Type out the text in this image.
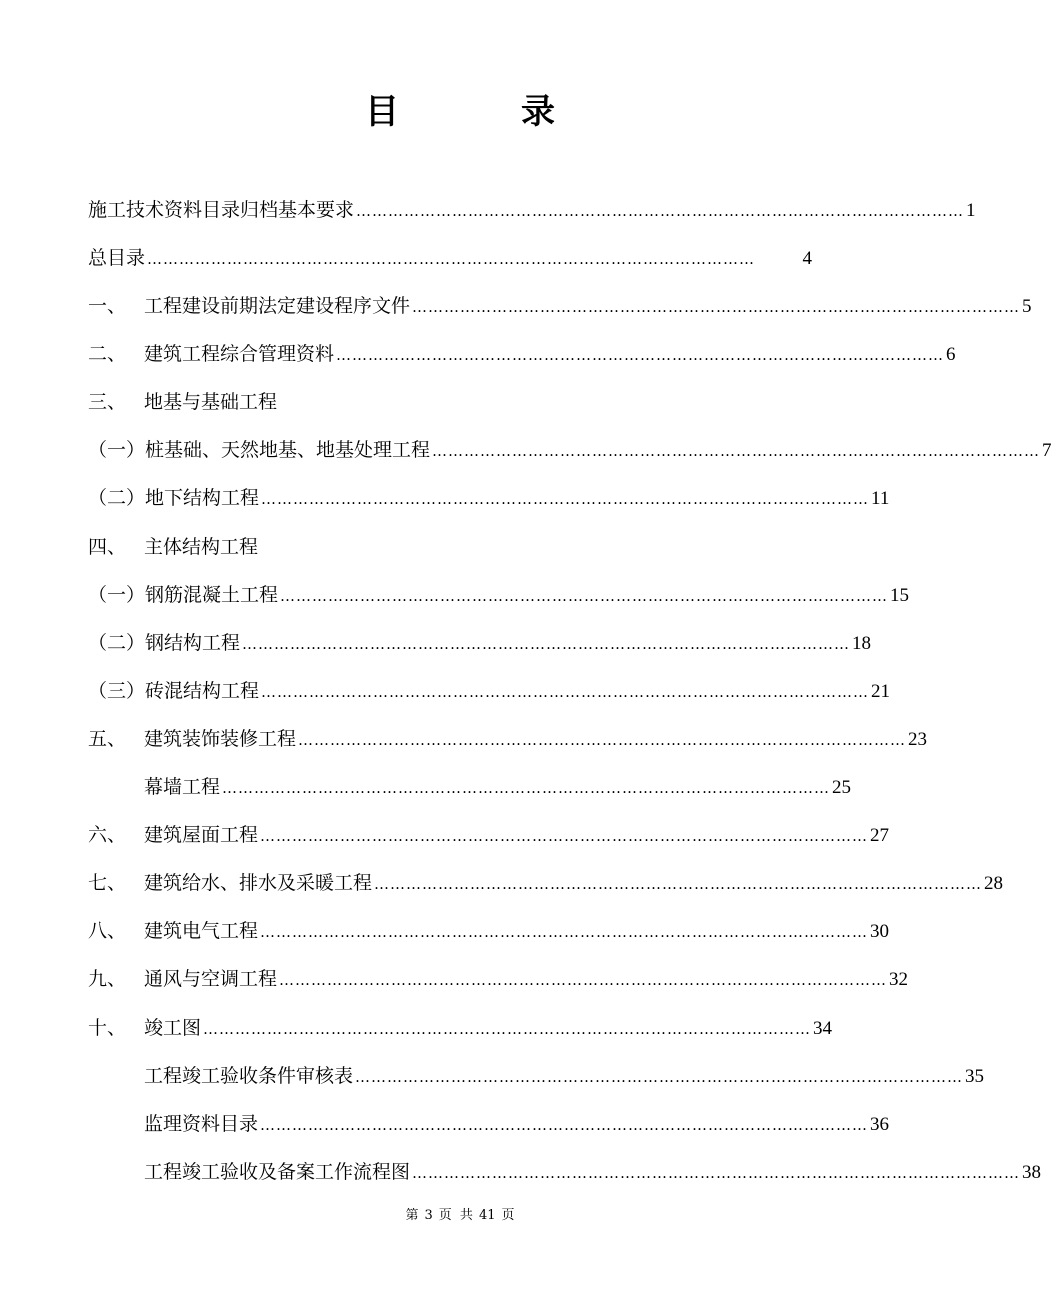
目　录
施工技术资料目录归档基本要求 …………………………………………………………………………………………………… 1
总目录 ……………………………………………………………………………………………………	4
一、 工程建设前期法定建设程序文件 …………………………………………………………………………………………………… 5
二、 建筑工程综合管理资料 …………………………………………………………………………………………………… 6
三、 地基与基础工程
（一） 桩基础、天然地基、地基处理工程 …………………………………………………………………………………………………… 7
（二） 地下结构工程 …………………………………………………………………………………………………… 11
四、 主体结构工程
（一） 钢筋混凝土工程 …………………………………………………………………………………………………… 15
（二） 钢结构工程 …………………………………………………………………………………………………… 18
（三） 砖混结构工程 …………………………………………………………………………………………………… 21
五、 建筑装饰装修工程 …………………………………………………………………………………………………… 23
幕墙工程 …………………………………………………………………………………………………… 25
六、 建筑屋面工程 …………………………………………………………………………………………………… 27
七、 建筑给水、排水及采暖工程 …………………………………………………………………………………………………… 28
八、 建筑电气工程 …………………………………………………………………………………………………… 30
九、 通风与空调工程 …………………………………………………………………………………………………… 32
十、 竣工图 …………………………………………………………………………………………………… 34
工程竣工验收条件审核表 …………………………………………………………………………………………………… 35
监理资料目录 …………………………………………………………………………………………………… 36
工程竣工验收及备案工作流程图 …………………………………………………………………………………………………… 38
第 3 页 共 41 页
